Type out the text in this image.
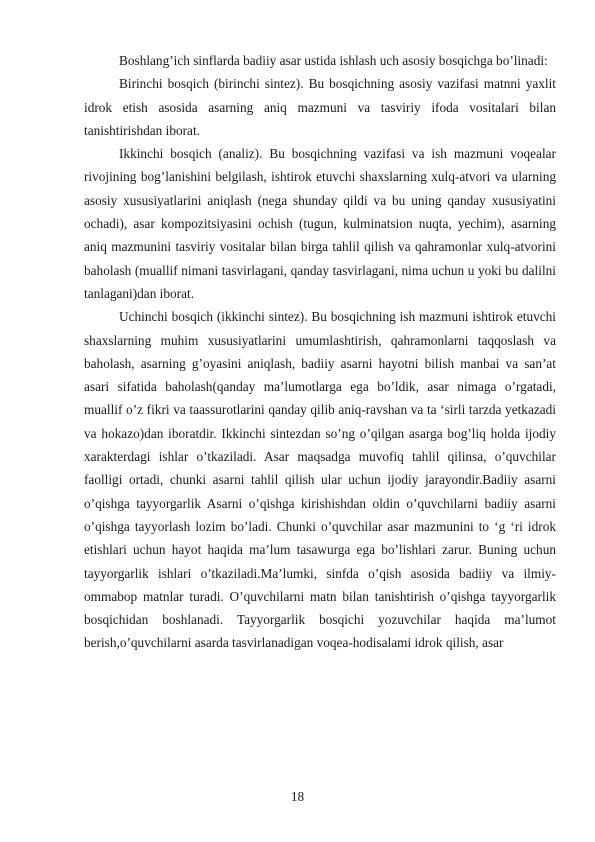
Boshlang’ich sinflarda badiiy asar ustida ishlash uch asosiy bosqichga bo’linadi:

Birinchi bosqich (birinchi sintez). Bu bosqichning asosiy vazifasi matnni yaxlit idrok etish asosida asarning aniq mazmuni va tasviriy ifoda vositalari bilan tanishtirishdan iborat.

Ikkinchi bosqich (analiz). Bu bosqichning vazifasi va ish mazmuni voqealar rivojining bog’lanishini belgilash, ishtirok etuvchi shaxslarning xulq-atvori va ularning asosiy xususiyatlarini aniqlash (nega shunday qildi va bu uning qanday xususiyatini ochadi), asar kompozitsiyasini ochish (tugun, kulminatsion nuqta, yechim), asarning aniq mazmunini tasviriy vositalar bilan birga tahlil qilish va qahramonlar xulq-atvorini baholash (muallif nimani tasvirlagani, qanday tasvirlagani, nima uchun u yoki bu dalilni tanlagani)dan iborat.

Uchinchi bosqich (ikkinchi sintez). Bu bosqichning ish mazmuni ishtirok etuvchi shaxslarning muhim xususiyatlarini umumlashtirish, qahramonlarni taqqoslash va baholash, asarning g’oyasini aniqlash, badiiy asarni hayotni bilish manbai va san’at asari sifatida baholash(qanday ma’lumotlarga ega bo’ldik, asar nimaga o’rgatadi, muallif o’z fikri va taassurotlarini qanday qilib aniq-ravshan va ta ‘sirli tarzda yetkazadi va hokazo)dan iboratdir. Ikkinchi sintezdan so’ng o’qilgan asarga bog’liq holda ijodiy xarakterdagi ishlar o’tkaziladi. Asar maqsadga muvofiq tahlil qilinsa, o’quvchilar faolligi ortadi, chunki asarni tahlil qilish ular uchun ijodiy jarayondir.Badiiy asarni o’qishga tayyorgarlik Asarni o’qishga kirishishdan oldin o’quvchilarni badiiy asarni o’qishga tayyorlash lozim bo’ladi. Chunki o’quvchilar asar mazmunini to ‘g ‘ri idrok etishlari uchun hayot haqida ma’lum tasawurga ega bo’lishlari zarur. Buning uchun tayyorgarlik ishlari o’tkaziladi.Ma’lumki, sinfda o’qish asosida badiiy va ilmiy-ommabop matnlar turadi. O’quvchilarni matn bilan tanishtirish o’qishga tayyorgarlik bosqichidan boshlanadi. Tayyorgarlik bosqichi yozuvchilar haqida ma’lumot berish,o’quvchilarni asarda tasvirlanadigan voqea-hodisalami idrok qilish, asar

18
